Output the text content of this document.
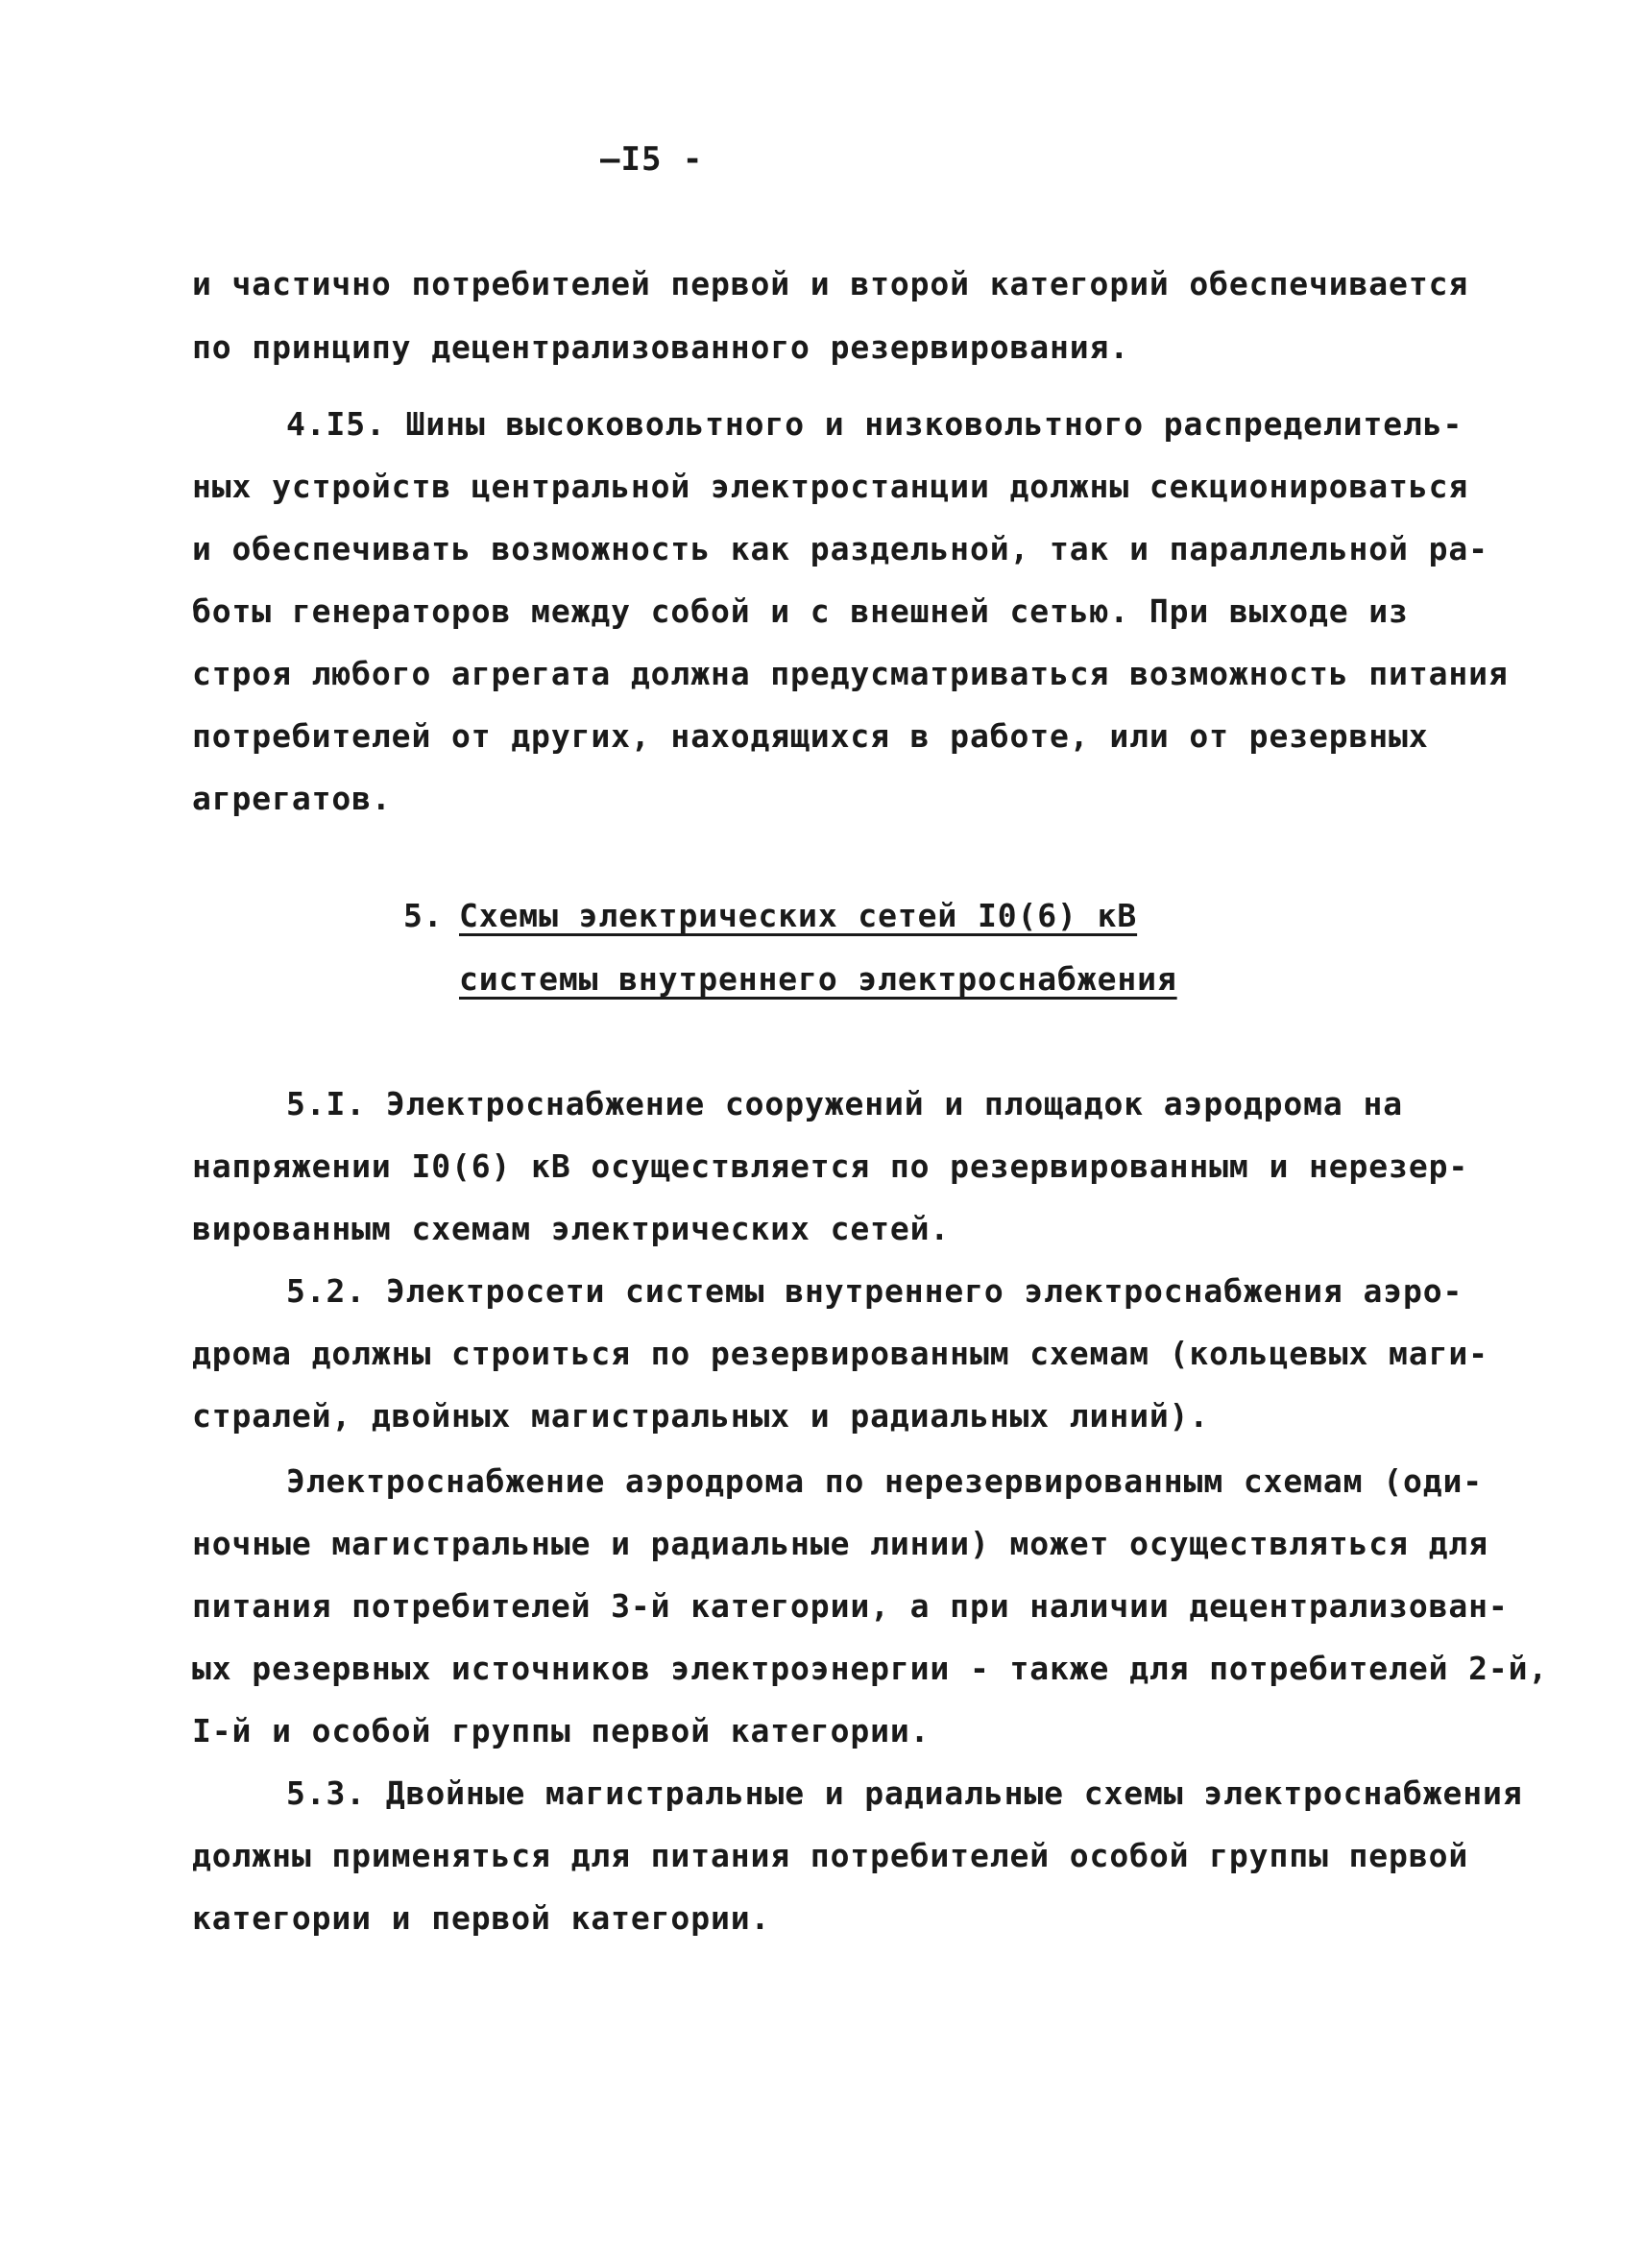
—I5 -
и частично потребителей первой и второй категорий обеспечивается
по принципу децентрализованного резервирования.
4.I5. Шины высоковольтного и низковольтного распределитель-
ных устройств центральной электростанции должны секционироваться
и обеспечивать возможность как раздельной, так и параллельной ра-
боты генераторов между собой и с внешней сетью. При выходе из
строя любого агрегата должна предусматриваться возможность питания
потребителей от других, находящихся в работе, или от резервных
агрегатов.
5. Схемы электрических сетей I0(6) кВ
системы внутреннего электроснабжения
5.I. Электроснабжение сооружений и площадок аэродрома на
напряжении I0(6) кВ осуществляется по резервированным и нерезер-
вированным схемам электрических сетей.
5.2. Электросети системы внутреннего электроснабжения аэро-
дрома должны строиться по резервированным схемам (кольцевых маги-
стралей, двойных магистральных и радиальных линий).
Электроснабжение аэродрома по нерезервированным схемам (оди-
ночные магистральные и радиальные линии) может осуществляться для
питания потребителей 3-й категории, а при наличии децентрализован-
ых резервных источников электроэнергии - также для потребителей 2-й,
I-й и особой группы первой категории.
5.3. Двойные магистральные и радиальные схемы электроснабжения
должны применяться для питания потребителей особой группы первой
категории и первой категории.
